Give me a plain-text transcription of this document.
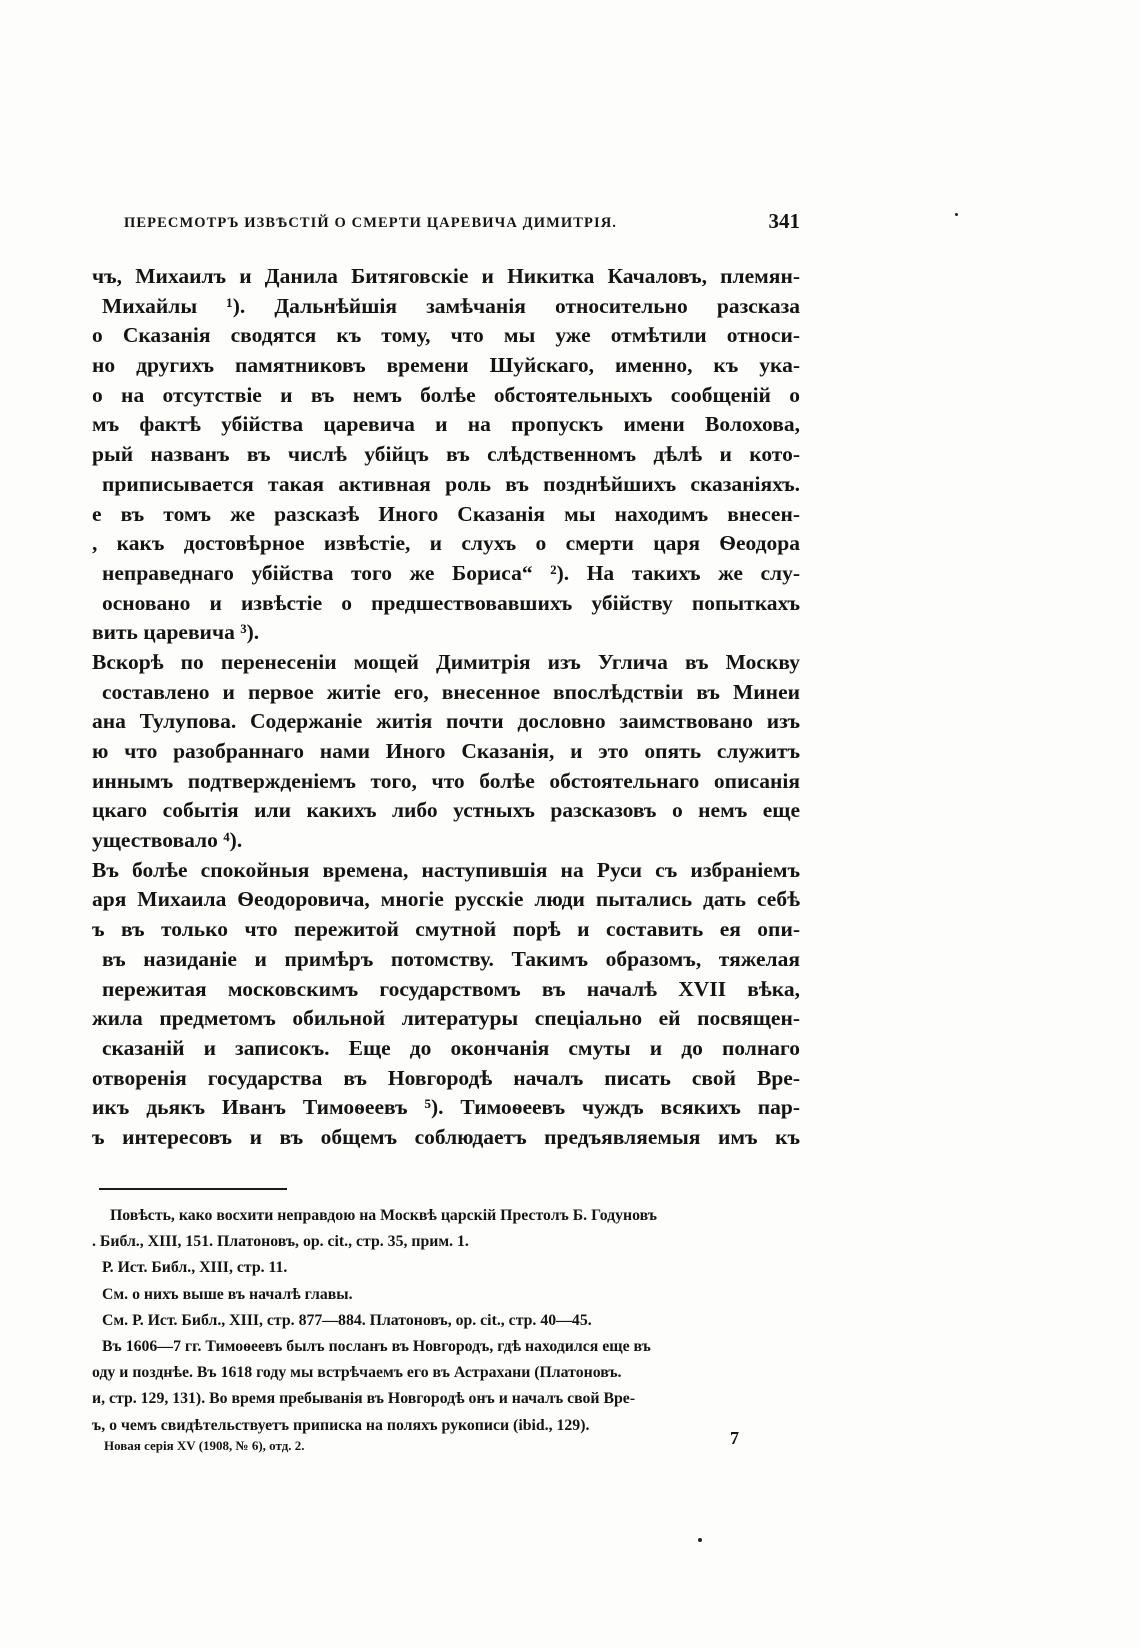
ПЕРЕСМОТРЪ ИЗВѢСТІЙ О СМЕРТИ ЦАРЕВИЧА ДИМИТРІЯ.	341
чъ, Михаилъ и Данила Битяговскіе и Никитка Качаловъ, племян-
Михайлы ¹). Дальнѣйшія замѣчанія относительно разсказа
о Сказанія сводятся къ тому, что мы уже отмѣтили относи-
но другихъ памятниковъ времени Шуйскаго, именно, къ ука-
о на отсутствіе и въ немъ болѣе обстоятельныхъ сообщеній о
мъ фактѣ убійства царевича и на пропускъ имени Волохова,
рый названъ въ числѣ убійцъ въ слѣдственномъ дѣлѣ и кото-
приписывается такая активная роль въ позднѣйшихъ сказаніяхъ.
е въ томъ же разсказѣ Иного Сказанія мы находимъ внесен-
, какъ достовѣрное извѣстіе, и слухъ о смерти царя Ѳеодора
неправеднаго убійства того же Бориса“ ²). На такихъ же слу-
основано и извѣстіе о предшествовавшихъ убійству попыткахъ
вить царевича ³).
Вскорѣ по перенесеніи мощей Димитрія изъ Углича въ Москву
составлено и первое житіе его, внесенное впослѣдствіи въ Минеи
ана Тулупова. Содержаніе житія почти дословно заимствовано изъ
ю что разобраннаго нами Иного Сказанія, и это опять служитъ
иннымъ подтвержденіемъ того, что болѣе обстоятельнаго описанія
цкаго событія или какихъ либо устныхъ разсказовъ о немъ еще
уществовало ⁴).
Въ болѣе спокойныя времена, наступившія на Руси съ избраніемъ
аря Михаила Ѳеодоровича, многіе русскіе люди пытались дать себѣ
ъ въ только что пережитой смутной порѣ и составить ея опи-
въ назиданіе и примѣръ потомству. Такимъ образомъ, тяжелая
пережитая московскимъ государствомъ въ началѣ XVII вѣка,
жила предметомъ обильной литературы спеціально ей посвящен-
сказаній и записокъ. Еще до окончанія смуты и до полнаго
отворенія государства въ Новгородѣ началъ писать свой Вре-
икъ дьякъ Иванъ Тимоѳеевъ ⁵). Тимоѳеевъ чуждъ всякихъ пар-
ъ интересовъ и въ общемъ соблюдаетъ предъявляемыя имъ къ
Повѣсть, како восхити неправдою на Москвѣ царскій Престолъ Б. Годуновъ
. Библ., XIII, 151. Платоновъ, op. cit., стр. 35, прим. 1.
Р. Ист. Библ., XIII, стр. 11.
См. о нихъ выше въ началѣ главы.
См. Р. Ист. Библ., XIII, стр. 877—884. Платоновъ, op. cit., стр. 40—45.
Въ 1606—7 гг. Тимоѳеевъ былъ посланъ въ Новгородъ, гдѣ находился еще въ
оду и позднѣе. Въ 1618 году мы встрѣчаемъ его въ Астрахани (Платоновъ.
и, стр. 129, 131). Во время пребыванія въ Новгородѣ онъ и началъ свой Вре-
ъ, о чемъ свидѣтельствуетъ приписка на поляхъ рукописи (ibid., 129).
Новая серія XV (1908, № 6), отд. 2.	7
